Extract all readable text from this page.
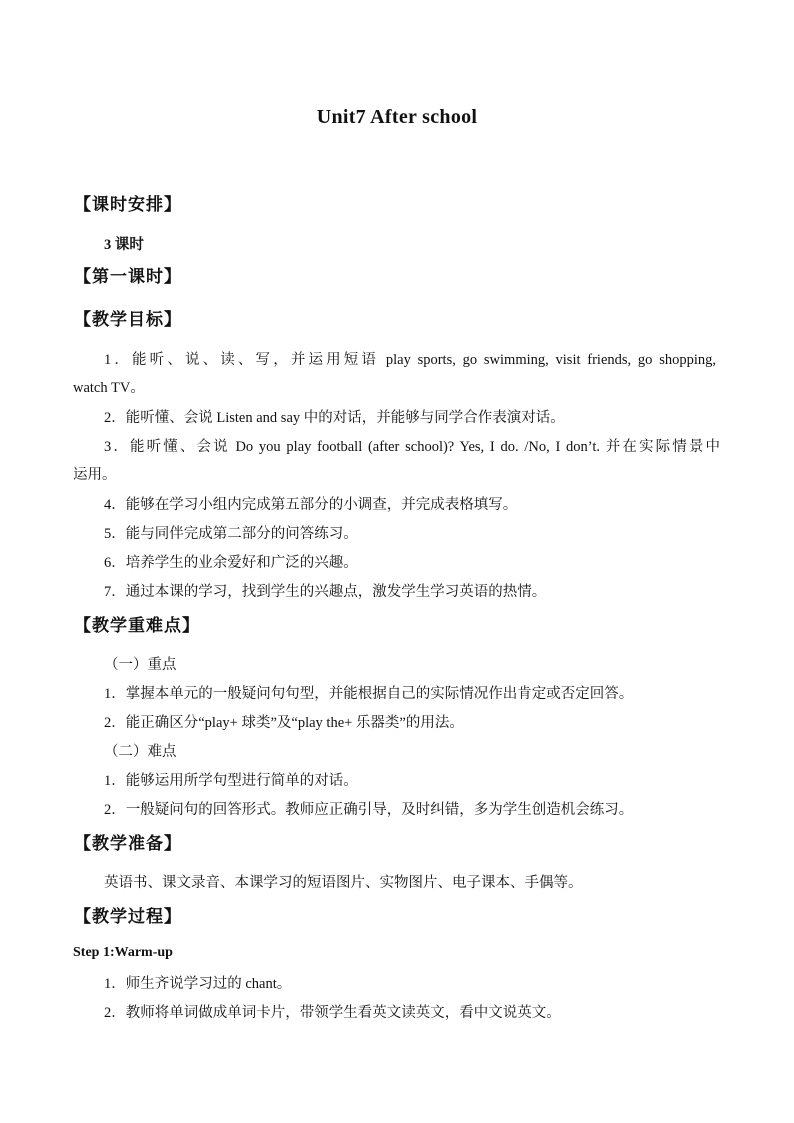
Unit7 After school
【课时安排】
3 课时
【第一课时】
【教学目标】
1．能听、说、读、写，并运用短语 play sports, go swimming, visit friends, go shopping,
watch TV。
2．能听懂、会说 Listen and say 中的对话，并能够与同学合作表演对话。
3．能听懂、会说 Do you play football (after school)? Yes, I do. /No, I don’t. 并在实际情景中
运用。
4．能够在学习小组内完成第五部分的小调查，并完成表格填写。
5．能与同伴完成第二部分的问答练习。
6．培养学生的业余爱好和广泛的兴趣。
7．通过本课的学习，找到学生的兴趣点，激发学生学习英语的热情。
【教学重难点】
（一）重点
1．掌握本单元的一般疑问句句型，并能根据自己的实际情况作出肯定或否定回答。
2．能正确区分“play+ 球类”及“play the+ 乐器类”的用法。
（二）难点
1．能够运用所学句型进行简单的对话。
2．一般疑问句的回答形式。教师应正确引导，及时纠错，多为学生创造机会练习。
【教学准备】
英语书、课文录音、本课学习的短语图片、实物图片、电子课本、手偶等。
【教学过程】
Step 1:Warm-up
1．师生齐说学习过的 chant。
2．教师将单词做成单词卡片，带领学生看英文读英文，看中文说英文。
